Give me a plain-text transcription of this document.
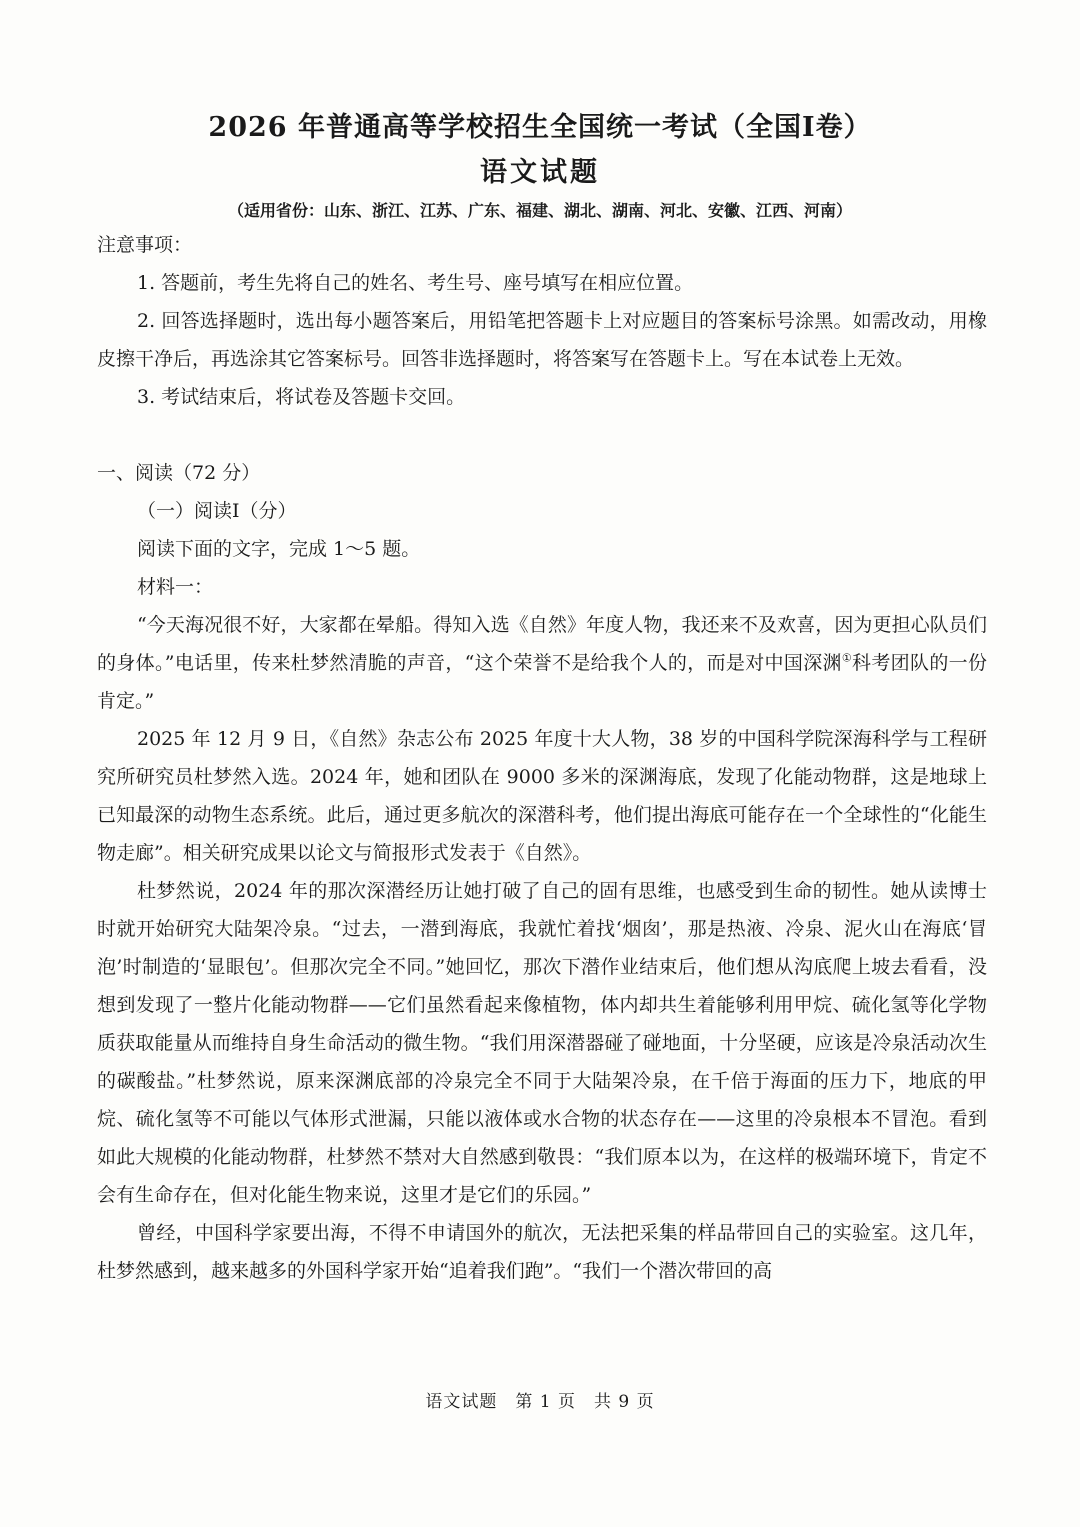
2026 年普通高等学校招生全国统一考试（全国Ⅰ卷）
语文试题
（适用省份：山东、浙江、江苏、广东、福建、湖北、湖南、河北、安徽、江西、河南）

注意事项：

1. 答题前，考生先将自己的姓名、考生号、座号填写在相应位置。

2. 回答选择题时，选出每小题答案后，用铅笔把答题卡上对应题目的答案标号涂黑。如需改动，用橡皮擦干净后，再选涂其它答案标号。回答非选择题时，将答案写在答题卡上。写在本试卷上无效。

3. 考试结束后，将试卷及答题卡交回。

一、阅读（72 分）

（一）阅读Ⅰ（分）

阅读下面的文字，完成 1～5 题。

材料一：

“今天海况很不好，大家都在晕船。得知入选《自然》年度人物，我还来不及欢喜，因为更担心队员们的身体。”电话里，传来杜梦然清脆的声音，“这个荣誉不是给我个人的，而是对中国深渊①科考团队的一份肯定。”

2025 年 12 月 9 日，《自然》杂志公布 2025 年度十大人物，38 岁的中国科学院深海科学与工程研究所研究员杜梦然入选。2024 年，她和团队在 9000 多米的深渊海底，发现了化能动物群，这是地球上已知最深的动物生态系统。此后，通过更多航次的深潜科考，他们提出海底可能存在一个全球性的“化能生物走廊”。相关研究成果以论文与简报形式发表于《自然》。

杜梦然说，2024 年的那次深潜经历让她打破了自己的固有思维，也感受到生命的韧性。她从读博士时就开始研究大陆架冷泉。“过去，一潜到海底，我就忙着找‘烟囱’，那是热液、冷泉、泥火山在海底‘冒泡’时制造的‘显眼包’。但那次完全不同。”她回忆，那次下潜作业结束后，他们想从沟底爬上坡去看看，没想到发现了一整片化能动物群——它们虽然看起来像植物，体内却共生着能够利用甲烷、硫化氢等化学物质获取能量从而维持自身生命活动的微生物。“我们用深潜器碰了碰地面，十分坚硬，应该是冷泉活动次生的碳酸盐。”杜梦然说，原来深渊底部的冷泉完全不同于大陆架冷泉，在千倍于海面的压力下，地底的甲烷、硫化氢等不可能以气体形式泄漏，只能以液体或水合物的状态存在——这里的冷泉根本不冒泡。看到如此大规模的化能动物群，杜梦然不禁对大自然感到敬畏：“我们原本以为，在这样的极端环境下，肯定不会有生命存在，但对化能生物来说，这里才是它们的乐园。”

曾经，中国科学家要出海，不得不申请国外的航次，无法把采集的样品带回自己的实验室。这几年，杜梦然感到，越来越多的外国科学家开始“追着我们跑”。“我们一个潜次带回的高

语文试题　第 1 页　共 9 页
